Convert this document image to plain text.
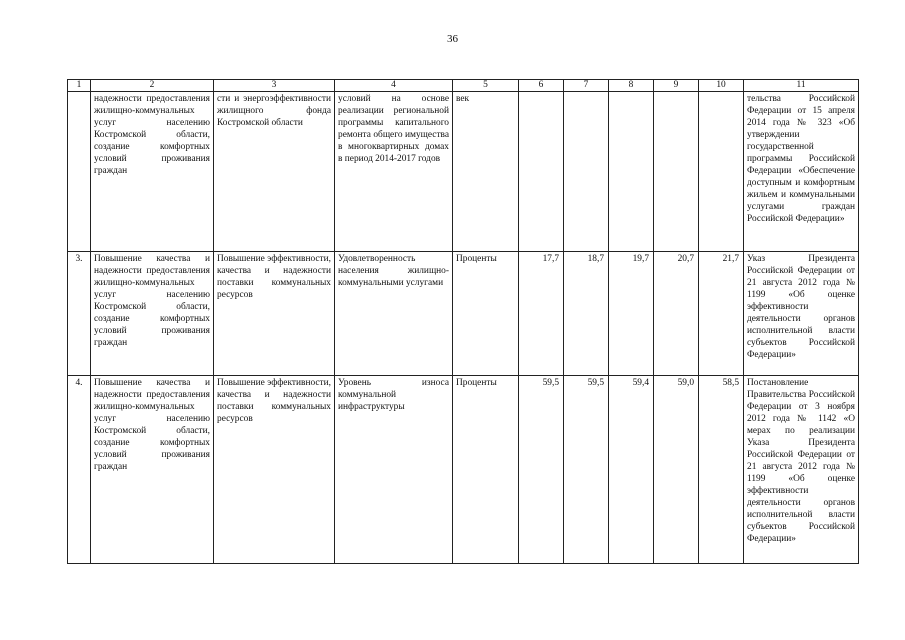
36
1	2	3	4	5	6	7	8	9	10	11
	надежности предоставления жилищно-коммунальных услуг населению Костромской области, создание комфортных условий проживания граждан	сти и энергоэффективности жилищного фонда Костромской области	условий на основе реализации региональной программы капитального ремонта общего имущества в многоквартирных домах в период 2014-2017 годов	век						тельства Российской Федерации от 15 апреля 2014 года № 323 «Об утверждении государственной программы Российской Федерации «Обеспечение доступным и комфортным жильем и коммунальными услугами граждан Российской Федерации»
3.	Повышение качества и надежности предоставления жилищно-коммунальных услуг населению Костромской области, создание комфортных условий проживания граждан	Повышение эффективности, качества и надежности поставки коммунальных ресурсов	Удовлетворенность населения жилищно-коммунальными услугами	Проценты	17,7	18,7	19,7	20,7	21,7	Указ Президента Российской Федерации от 21 августа 2012 года № 1199 «Об оценке эффективности деятельности органов исполнительной власти субъектов Российской Федерации»
4.	Повышение качества и надежности предоставления жилищно-коммунальных услуг населению Костромской области, создание комфортных условий проживания граждан	Повышение эффективности, качества и надежности поставки коммунальных ресурсов	Уровень износа коммунальной инфраструктуры	Проценты	59,5	59,5	59,4	59,0	58,5	Постановление Правительства Российской Федерации от 3 ноября 2012 года № 1142 «О мерах по реализации Указа Президента Российской Федерации от 21 августа 2012 года № 1199 «Об оценке эффективности деятельности органов исполнительной власти субъектов Российской Федерации»
